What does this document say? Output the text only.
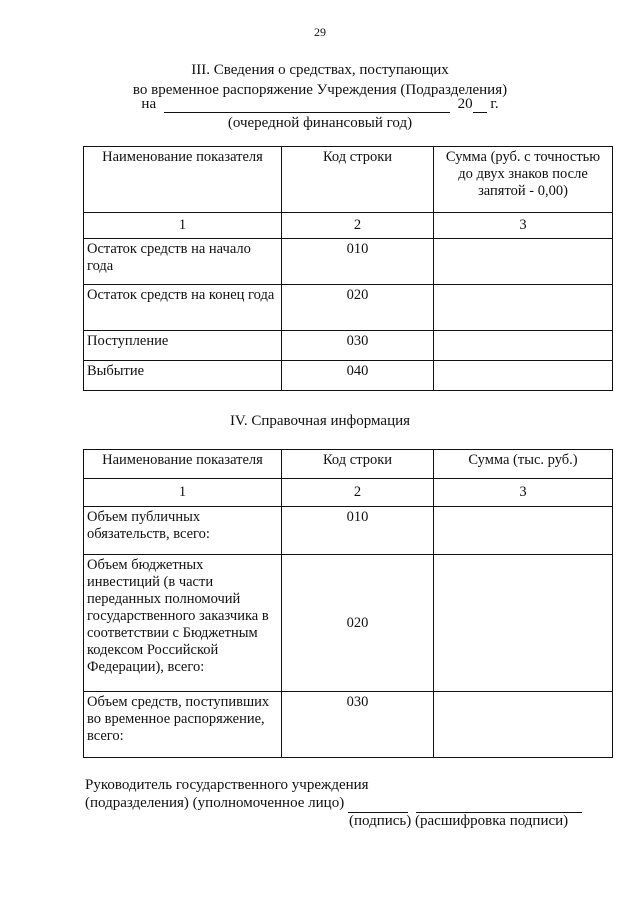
29
III. Сведения о средствах, поступающих
во временное распоряжение Учреждения (Подразделения)
на	20 г.
(очередной финансовый год)
Наименование показателя	Код строки	Сумма (руб. с точностью до двух знаков после запятой - 0,00)
1	2	3
Остаток средств на начало года	010	
Остаток средств на конец года	020	
Поступление	030	
Выбытие	040	
IV. Справочная информация
Наименование показателя	Код строки	Сумма (тыс. руб.)
1	2	3
Объем публичных обязательств, всего:	010	
Объем бюджетных инвестиций (в части переданных полномочий государственного заказчика в соответствии с Бюджетным кодексом Российской Федерации), всего:	020	
Объем средств, поступивших во временное распоряжение, всего:	030	
Руководитель государственного учреждения
(подразделения) (уполномоченное лицо)
(подпись) (расшифровка подписи)
